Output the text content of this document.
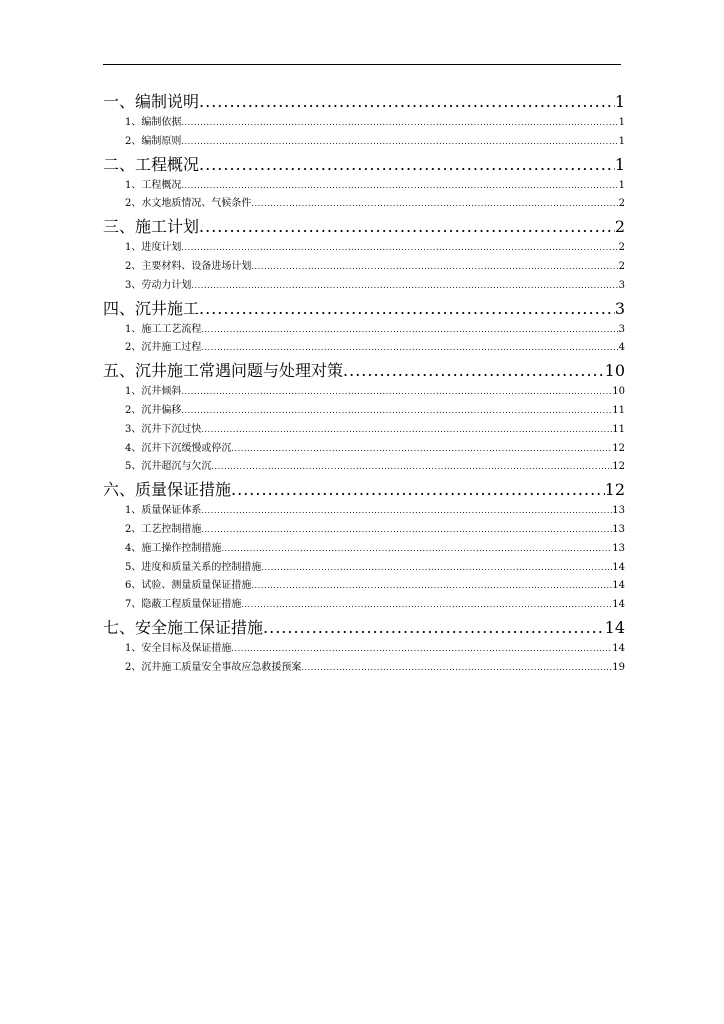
一、编制说明 .....	1
1、编制依据 .....	1
2、编制原则 .....	1
二、工程概况 .....	1
1、工程概况 .....	1
2、水文地质情况、气候条件 .....	2
三、施工计划 .....	2
1、进度计划 .....	2
2、主要材料、设备进场计划 .....	2
3、劳动力计划 .....	3
四、沉井施工 .....	3
1、施工工艺流程 .....	3
2、沉井施工过程 .....	4
五、沉井施工常遇问题与处理对策 .....	10
1、沉井倾斜 .....	10
2、沉井偏移 .....	11
3、沉井下沉过快 .....	11
4、沉井下沉缓慢或停沉 .....	12
5、沉井超沉与欠沉 .....	12
六、质量保证措施 .....	12
1、质量保证体系 .....	13
2、工艺控制措施 .....	13
4、施工操作控制措施 .....	13
5、进度和质量关系的控制措施 .....	14
6、试验、测量质量保证措施 .....	14
7、隐蔽工程质量保证措施 .....	14
七、安全施工保证措施 .....	14
1、安全目标及保证措施 .....	14
2、沉井施工质量安全事故应急救援预案 .....	19
